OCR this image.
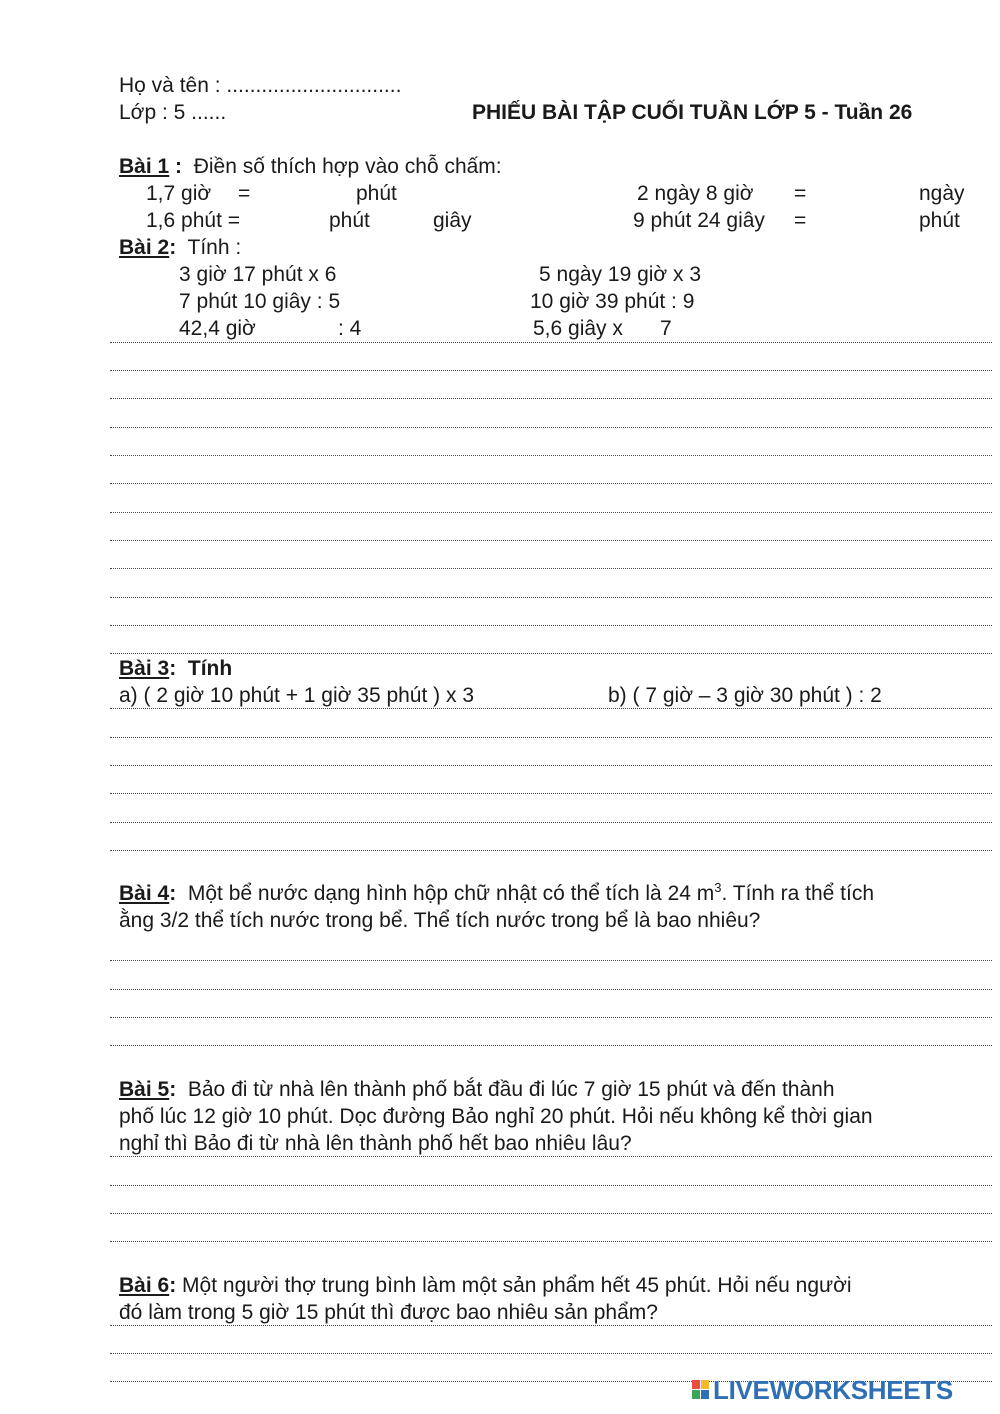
Họ và tên : ..............................
Lớp : 5 ......	PHIẾU BÀI TẬP CUỐI TUẦN LỚP 5 - Tuần 26
Bài 1 : Điền số thích hợp vào chỗ chấm:
1,7 giờ =	phút	2 ngày 8 giờ =	ngày
1,6 phút =	phút	giây	9 phút 24 giây =	phút
Bài 2: Tính :
3 giờ 17 phút x 6	5 ngày 19 giờ x 3
7 phút 10 giây : 5	10 giờ 39 phút : 9
42,4 giờ	: 4	5,6 giây x 7
Bài 3: Tính
a) ( 2 giờ 10 phút + 1 giờ 35 phút ) x 3	b) ( 7 giờ – 3 giờ 30 phút ) : 2
Bài 4: Một bể nước dạng hình hộp chữ nhật có thể tích là 24 $m^3$. Tính ra thể tích
ằng 3/2 thể tích nước trong bể. Thể tích nước trong bể là bao nhiêu?
Bài 5: Bảo đi từ nhà lên thành phố bắt đầu đi lúc 7 giờ 15 phút và đến thành
phố lúc 12 giờ 10 phút. Dọc đường Bảo nghỉ 20 phút. Hỏi nếu không kể thời gian
nghỉ thì Bảo đi từ nhà lên thành phố hết bao nhiêu lâu?
Bài 6: Một người thợ trung bình làm một sản phẩm hết 45 phút. Hỏi nếu người
đó làm trong 5 giờ 15 phút thì được bao nhiêu sản phẩm?
LIVEWORKSHEETS
